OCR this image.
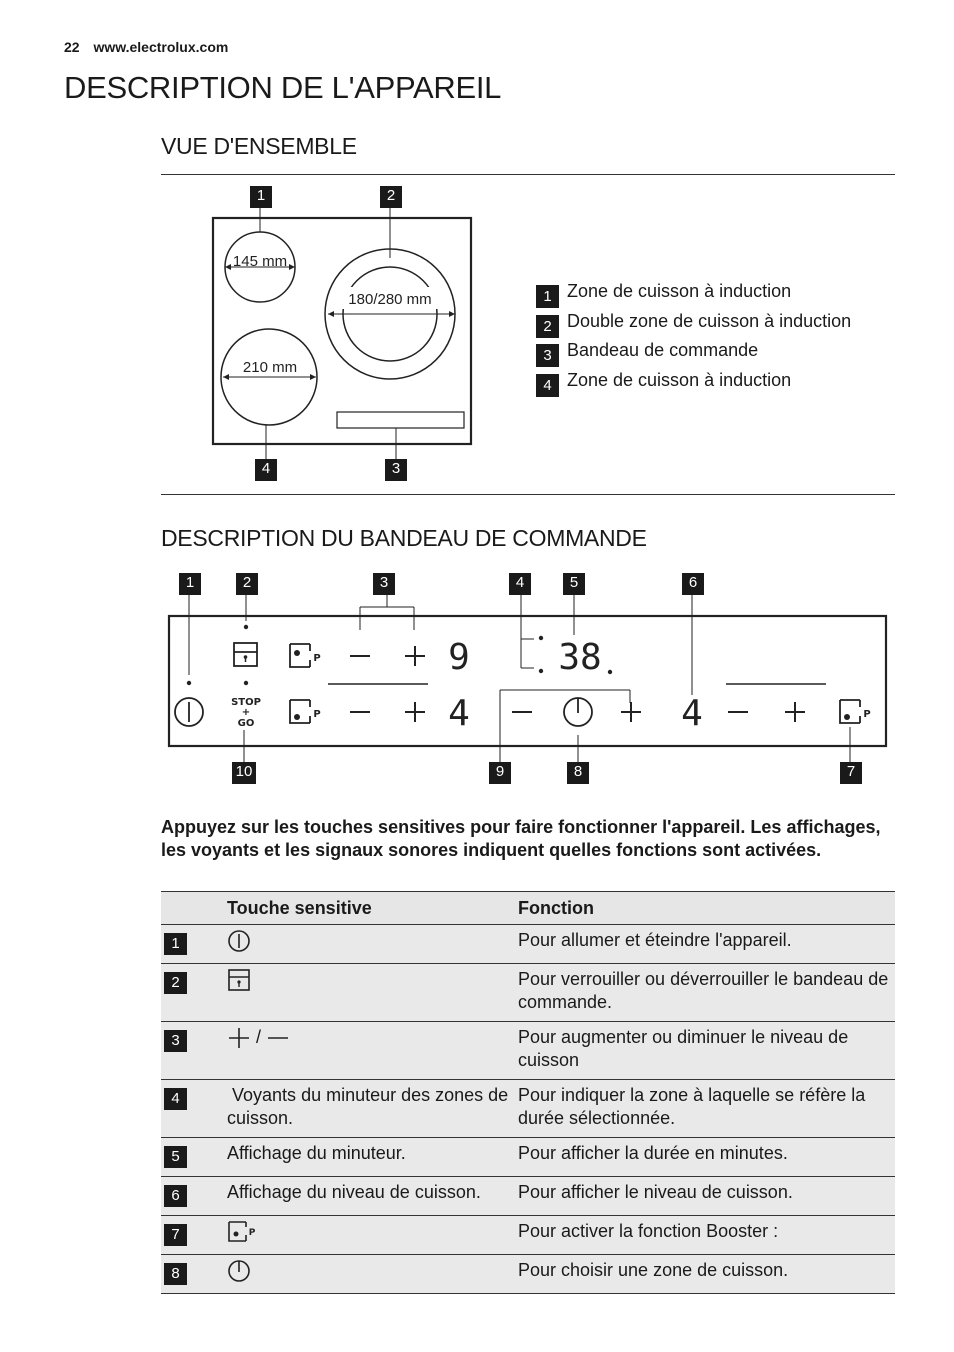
22 www.electrolux.com
DESCRIPTION DE L'APPAREIL
VUE D'ENSEMBLE
145 mm
180/280 mm
210 mm
1	2
3
4
1 Zone de cuisson à induction
2 Double zone de cuisson à induction
3 Bandeau de commande
4 Zone de cuisson à induction
DESCRIPTION DU BANDEAU DE COMMANDE
STOP
+
GO
P
P	P
9 38
4	4
1	2	3	4	5	6
10	9	8	7
Appuyez sur les touches sensitives pour faire fonctionner l'appareil. Les affichages, les voyants et les signaux sonores indiquent quelles fonctions sont activées.
	Touche sensitive	Fonction
1		Pour allumer et éteindre l'appareil.
2		Pour verrouiller ou déverrouiller le bandeau de commande.
3	/	Pour augmenter ou diminuer le niveau de cuisson
4	Voyants du minuteur des zones de cuisson.	Pour indiquer la zone à laquelle se réfère la durée sélectionnée.
5	Affichage du minuteur.	Pour afficher la durée en minutes.
6	Affichage du niveau de cuisson.	Pour afficher le niveau de cuisson.
7	P	Pour activer la fonction Booster :
8		Pour choisir une zone de cuisson.
